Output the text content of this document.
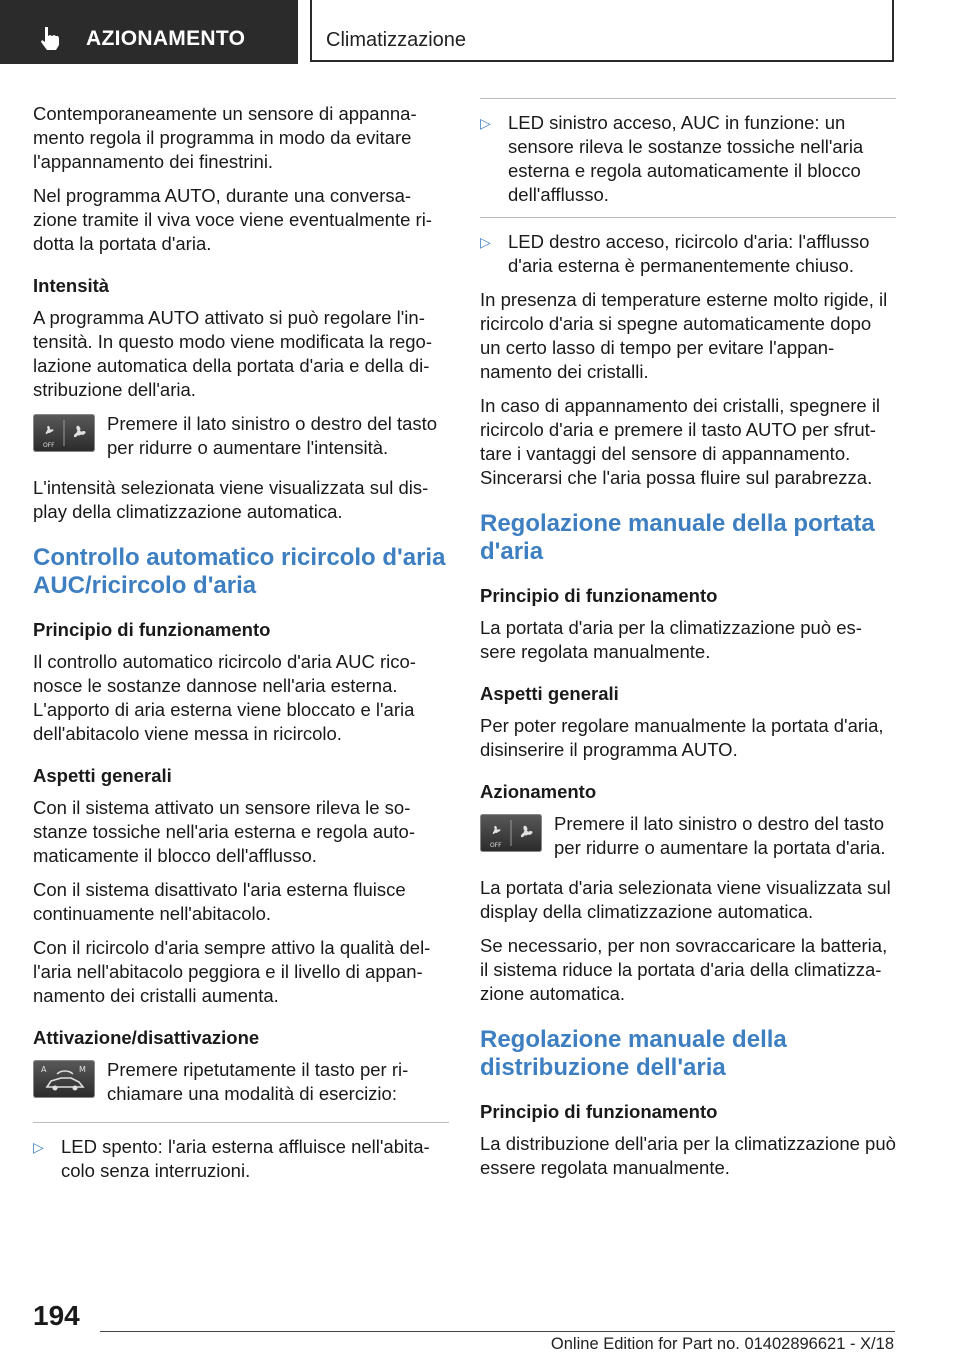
AZIONAMENTO	Climatizzazione

Contemporaneamente un sensore di appanna-mento regola il programma in modo da evitare l'appannamento dei finestrini.

Nel programma AUTO, durante una conversa-zione tramite il viva voce viene eventualmente ri-dotta la portata d'aria.

Intensità

A programma AUTO attivato si può regolare l'in-tensità. In questo modo viene modificata la rego-lazione automatica della portata d'aria e della di-stribuzione dell'aria.

OFF
Premere il lato sinistro o destro del tasto per ridurre o aumentare l'intensità.

L'intensità selezionata viene visualizzata sul dis-play della climatizzazione automatica.

Controllo automatico ricircolo d'aria AUC/ricircolo d'aria
Principio di funzionamento

Il controllo automatico ricircolo d'aria AUC rico-nosce le sostanze dannose nell'aria esterna. L'apporto di aria esterna viene bloccato e l'aria dell'abitacolo viene messa in ricircolo.

Aspetti generali

Con il sistema attivato un sensore rileva le so-stanze tossiche nell'aria esterna e regola auto-maticamente il blocco dell'afflusso.

Con il sistema disattivato l'aria esterna fluisce continuamente nell'abitacolo.

Con il ricircolo d'aria sempre attivo la qualità del-l'aria nell'abitacolo peggiora e il livello di appan-namento dei cristalli aumenta.

Attivazione/disattivazione
A	M Premere ripetutamente il tasto per ri-chiamare una modalità di esercizio:
▷ LED spento: l'aria esterna affluisce nell'abita-colo senza interruzioni.
▷ LED sinistro acceso, AUC in funzione: un sensore rileva le sostanze tossiche nell'aria esterna e regola automaticamente il blocco dell'afflusso.
▷ LED destro acceso, ricircolo d'aria: l'afflusso d'aria esterna è permanentemente chiuso.

In presenza di temperature esterne molto rigide, il ricircolo d'aria si spegne automaticamente dopo un certo lasso di tempo per evitare l'appan-namento dei cristalli.

In caso di appannamento dei cristalli, spegnere il ricircolo d'aria e premere il tasto AUTO per sfrut-tare i vantaggi del sensore di appannamento. Sincerarsi che l'aria possa fluire sul parabrezza.

Regolazione manuale della portata d'aria
Principio di funzionamento

La portata d'aria per la climatizzazione può es-sere regolata manualmente.

Aspetti generali

Per poter regolare manualmente la portata d'aria, disinserire il programma AUTO.

Azionamento
OFF
Premere il lato sinistro o destro del tasto per ridurre o aumentare la portata d'aria.

La portata d'aria selezionata viene visualizzata sul display della climatizzazione automatica.

Se necessario, per non sovraccaricare la batteria, il sistema riduce la portata d'aria della climatizza-zione automatica.

Regolazione manuale della distribuzione dell'aria
Principio di funzionamento

La distribuzione dell'aria per la climatizzazione può essere regolata manualmente.

194
Online Edition for Part no. 01402896621 - X/18
